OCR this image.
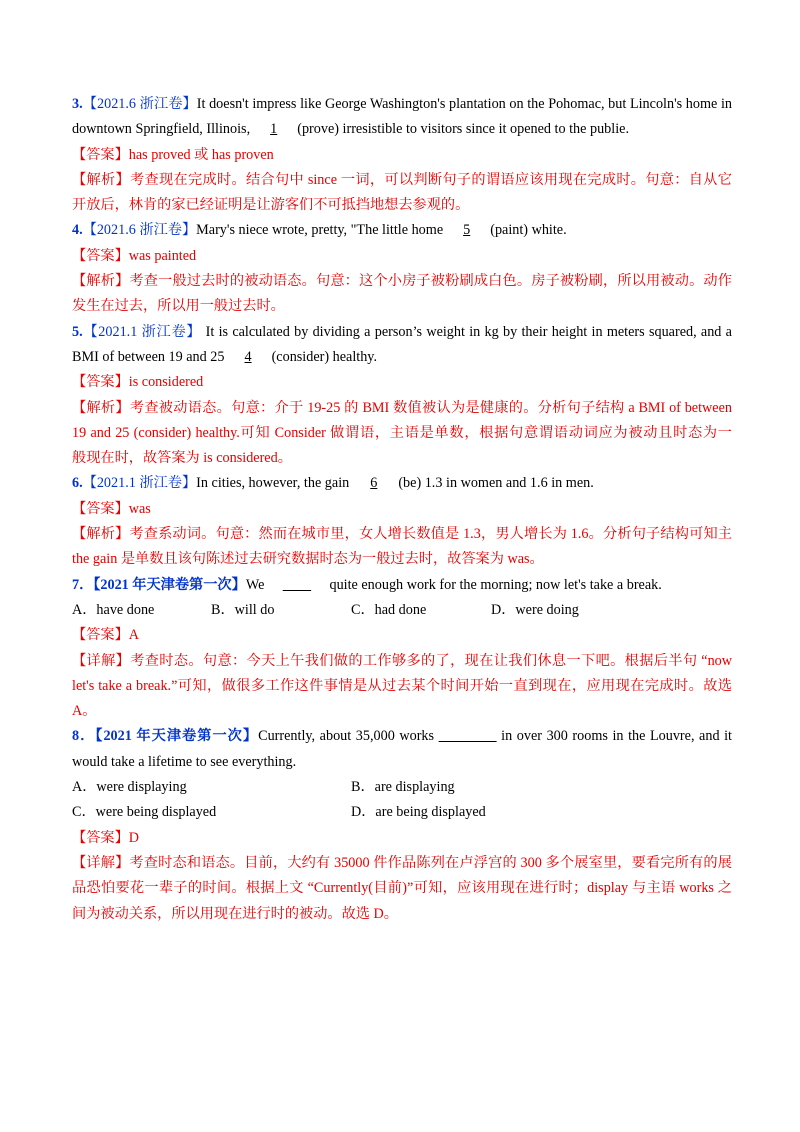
3.【2021.6 浙江卷】It doesn't impress like George Washington's plantation on the Pohomac, but Lincoln's home in
downtown Springfield, Illinois, 1 (prove) irresistible to visitors since it opened to the publie.
【答案】has proved 或 has proven
【解析】考查现在完成时。结合句中 since 一词，可以判断句子的谓语应该用现在完成时。句意：自从它
开放后，林肯的家已经证明是让游客们不可抵挡地想去参观的。
4.【2021.6 浙江卷】Mary's niece wrote, pretty, "The little home 5 (paint) white.
【答案】was painted
【解析】考查一般过去时的被动语态。句意：这个小房子被粉刷成白色。房子被粉刷，所以用被动。动作
发生在过去，所以用一般过去时。
5.【2021.1 浙江卷】 It is calculated by dividing a person’s weight in kg by their height in meters squared, and a
BMI of between 19 and 25 4 (consider) healthy.
【答案】is considered
【解析】考查被动语态。句意：介于 19-25 的 BMI 数值被认为是健康的。分析句子结构 a BMI of between
19 and 25 (consider) healthy.可知 Consider 做谓语，主语是单数，根据句意谓语动词应为被动且时态为一
般现在时，故答案为 is considered。
6.【2021.1 浙江卷】In cities, however, the gain 6 (be) 1.3 in women and 1.6 in men.
【答案】was
【解析】考查系动词。句意：然而在城市里，女人增长数值是 1.3，男人增长为 1.6。分析句子结构可知主
the gain 是单数且该句陈述过去研究数据时态为一般过去时，故答案为 was。
7．【2021 年天津卷第一次】We	quite enough work for the morning; now let's take a break.
A．have done	B．will do	C．had done	D．were doing
【答案】A
【详解】考查时态。句意：今天上午我们做的工作够多的了，现在让我们休息一下吧。根据后半句 “now
let's take a break.”可知，做很多工作这件事情是从过去某个时间开始一直到现在，应用现在完成时。故选
A。
8．【2021 年天津卷第一次】Currently, about 35,000 works	in over 300 rooms in the Louvre, and it
would take a lifetime to see everything.
A．were displaying	B．are displaying
C．were being displayed	D．are being displayed
【答案】D
【详解】考查时态和语态。目前，大约有 35000 件作品陈列在卢浮宫的 300 多个展室里，要看完所有的展
品恐怕要花一辈子的时间。根据上文 “Currently(目前)”可知，应该用现在进行时；display 与主语 works 之
间为被动关系，所以用现在进行时的被动。故选 D。
